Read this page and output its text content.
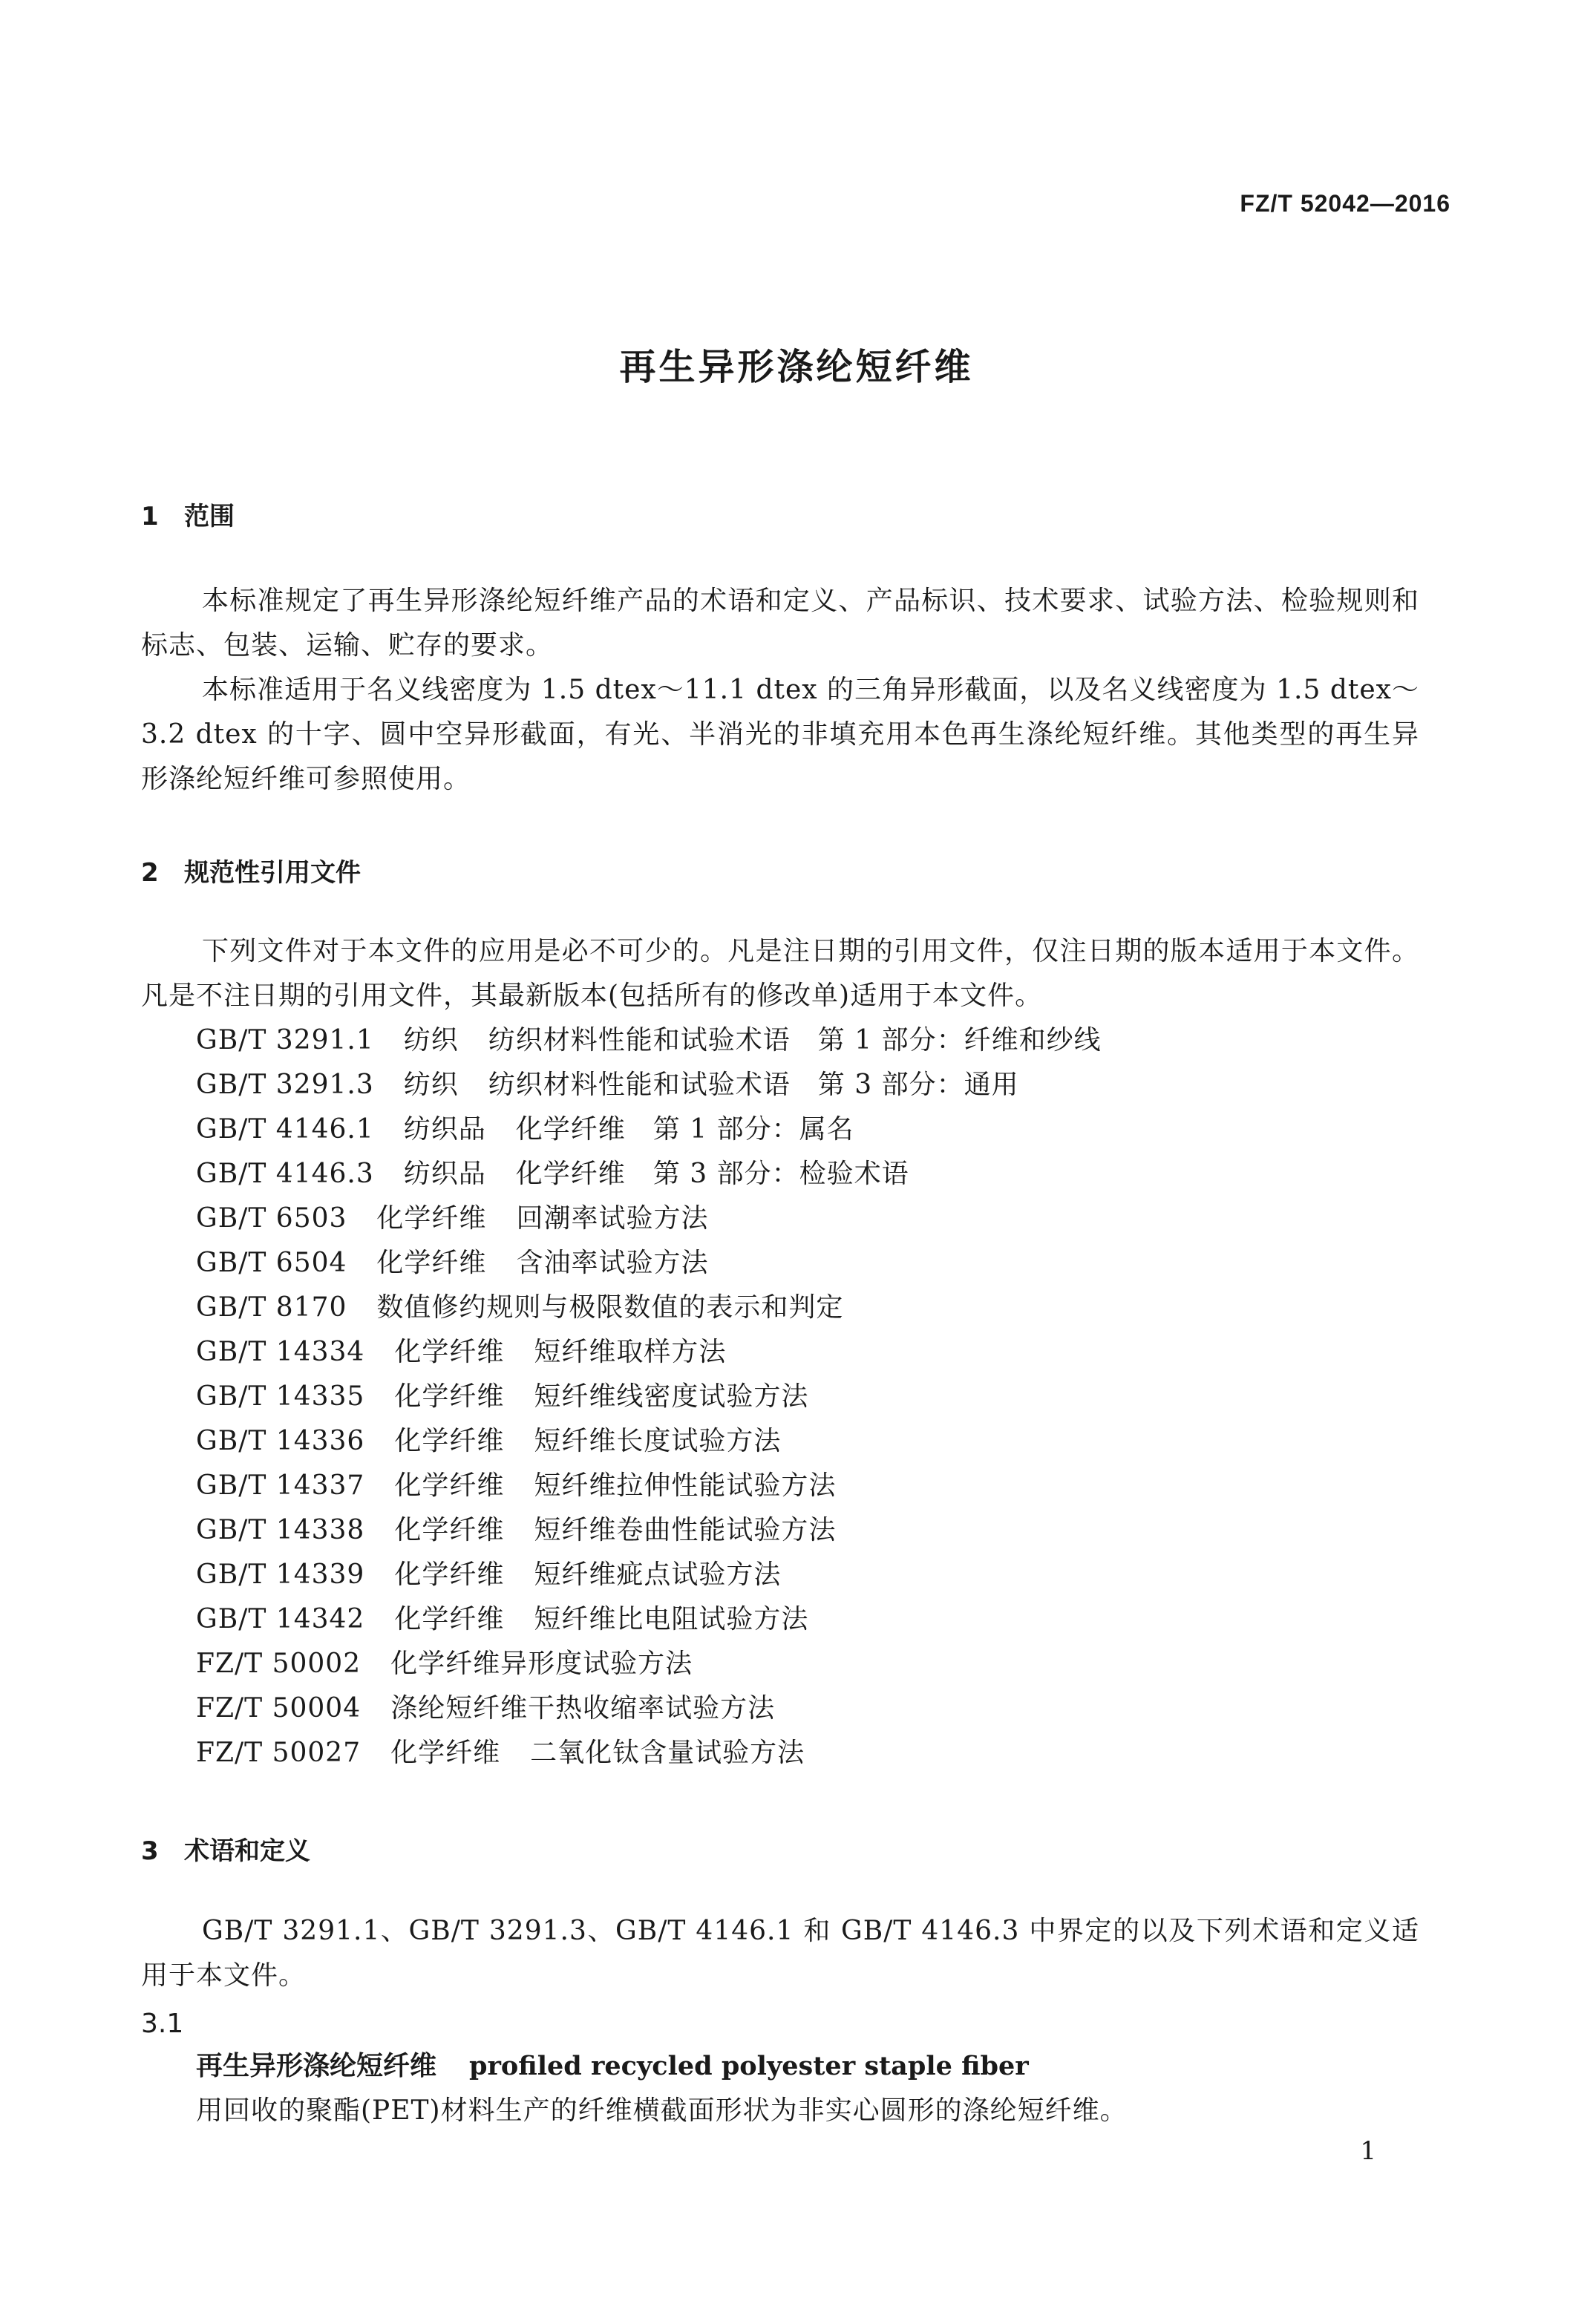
FZ/T 52042—2016
再生异形涤纶短纤维
1 范围

本标准规定了再生异形涤纶短纤维产品的术语和定义、产品标识、技术要求、试验方法、检验规则和标志、包装、运输、贮存的要求。

本标准适用于名义线密度为 1.5 dtex～11.1 dtex 的三角异形截面，以及名义线密度为 1.5 dtex～3.2 dtex 的十字、圆中空异形截面，有光、半消光的非填充用本色再生涤纶短纤维。其他类型的再生异形涤纶短纤维可参照使用。

2 规范性引用文件

下列文件对于本文件的应用是必不可少的。凡是注日期的引用文件，仅注日期的版本适用于本文件。凡是不注日期的引用文件，其最新版本(包括所有的修改单)适用于本文件。

GB/T 3291.1 纺织 纺织材料性能和试验术语　第 1 部分：纤维和纱线
GB/T 3291.3 纺织 纺织材料性能和试验术语　第 3 部分：通用
GB/T 4146.1 纺织品 化学纤维　第 1 部分：属名
GB/T 4146.3 纺织品 化学纤维　第 3 部分：检验术语
GB/T 6503 化学纤维 回潮率试验方法
GB/T 6504 化学纤维 含油率试验方法
GB/T 8170 数值修约规则与极限数值的表示和判定
GB/T 14334 化学纤维 短纤维取样方法
GB/T 14335 化学纤维 短纤维线密度试验方法
GB/T 14336 化学纤维 短纤维长度试验方法
GB/T 14337 化学纤维 短纤维拉伸性能试验方法
GB/T 14338 化学纤维 短纤维卷曲性能试验方法
GB/T 14339 化学纤维 短纤维疵点试验方法
GB/T 14342 化学纤维 短纤维比电阻试验方法
FZ/T 50002 化学纤维异形度试验方法
FZ/T 50004 涤纶短纤维干热收缩率试验方法
FZ/T 50027 化学纤维 二氧化钛含量试验方法
3 术语和定义

GB/T 3291.1、GB/T 3291.3、GB/T 4146.1 和 GB/T 4146.3 中界定的以及下列术语和定义适用于本文件。

3.1
再生异形涤纶短纤维 profiled recycled polyester staple fiber
用回收的聚酯(PET)材料生产的纤维横截面形状为非实心圆形的涤纶短纤维。
1
